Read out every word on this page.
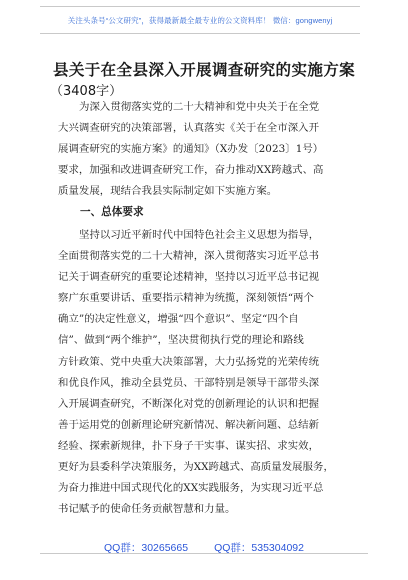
关注头条号“公文研究”，获得最新最全最专业的公文资料库！ 微信：gongwenyj
县关于在全县深入开展调查研究的实施方案
（3408字）
为深入贯彻落实党的二十大精神和党中央关于在全党
大兴调查研究的决策部署，认真落实《关于在全市深入开
展调查研究的实施方案》的通知》（X办发〔2023〕1号）
要求，加强和改进调查研究工作，奋力推动XX跨越式、高
质量发展，现结合我县实际制定如下实施方案。
一、总体要求
坚持以习近平新时代中国特色社会主义思想为指导，
全面贯彻落实党的二十大精神，深入贯彻落实习近平总书
记关于调查研究的重要论述精神，坚持以习近平总书记视
察广东重要讲话、重要指示精神为统揽，深刻领悟“两个
确立”的决定性意义，增强“四个意识”、坚定“四个自
信”、做到“两个维护”，坚决贯彻执行党的理论和路线
方针政策、党中央重大决策部署，大力弘扬党的光荣传统
和优良作风，推动全县党员、干部特别是领导干部带头深
入开展调查研究，不断深化对党的创新理论的认识和把握
善于运用党的创新理论研究新情况、解决新问题、总结新
经验、探索新规律，扑下身子干实事、谋实招、求实效，
更好为县委科学决策服务，为XX跨越式、高质量发展服务，
为奋力推进中国式现代化的XX实践服务，为实现习近平总
书记赋予的使命任务贡献智慧和力量。
QQ群：30265665 QQ群：535304092
